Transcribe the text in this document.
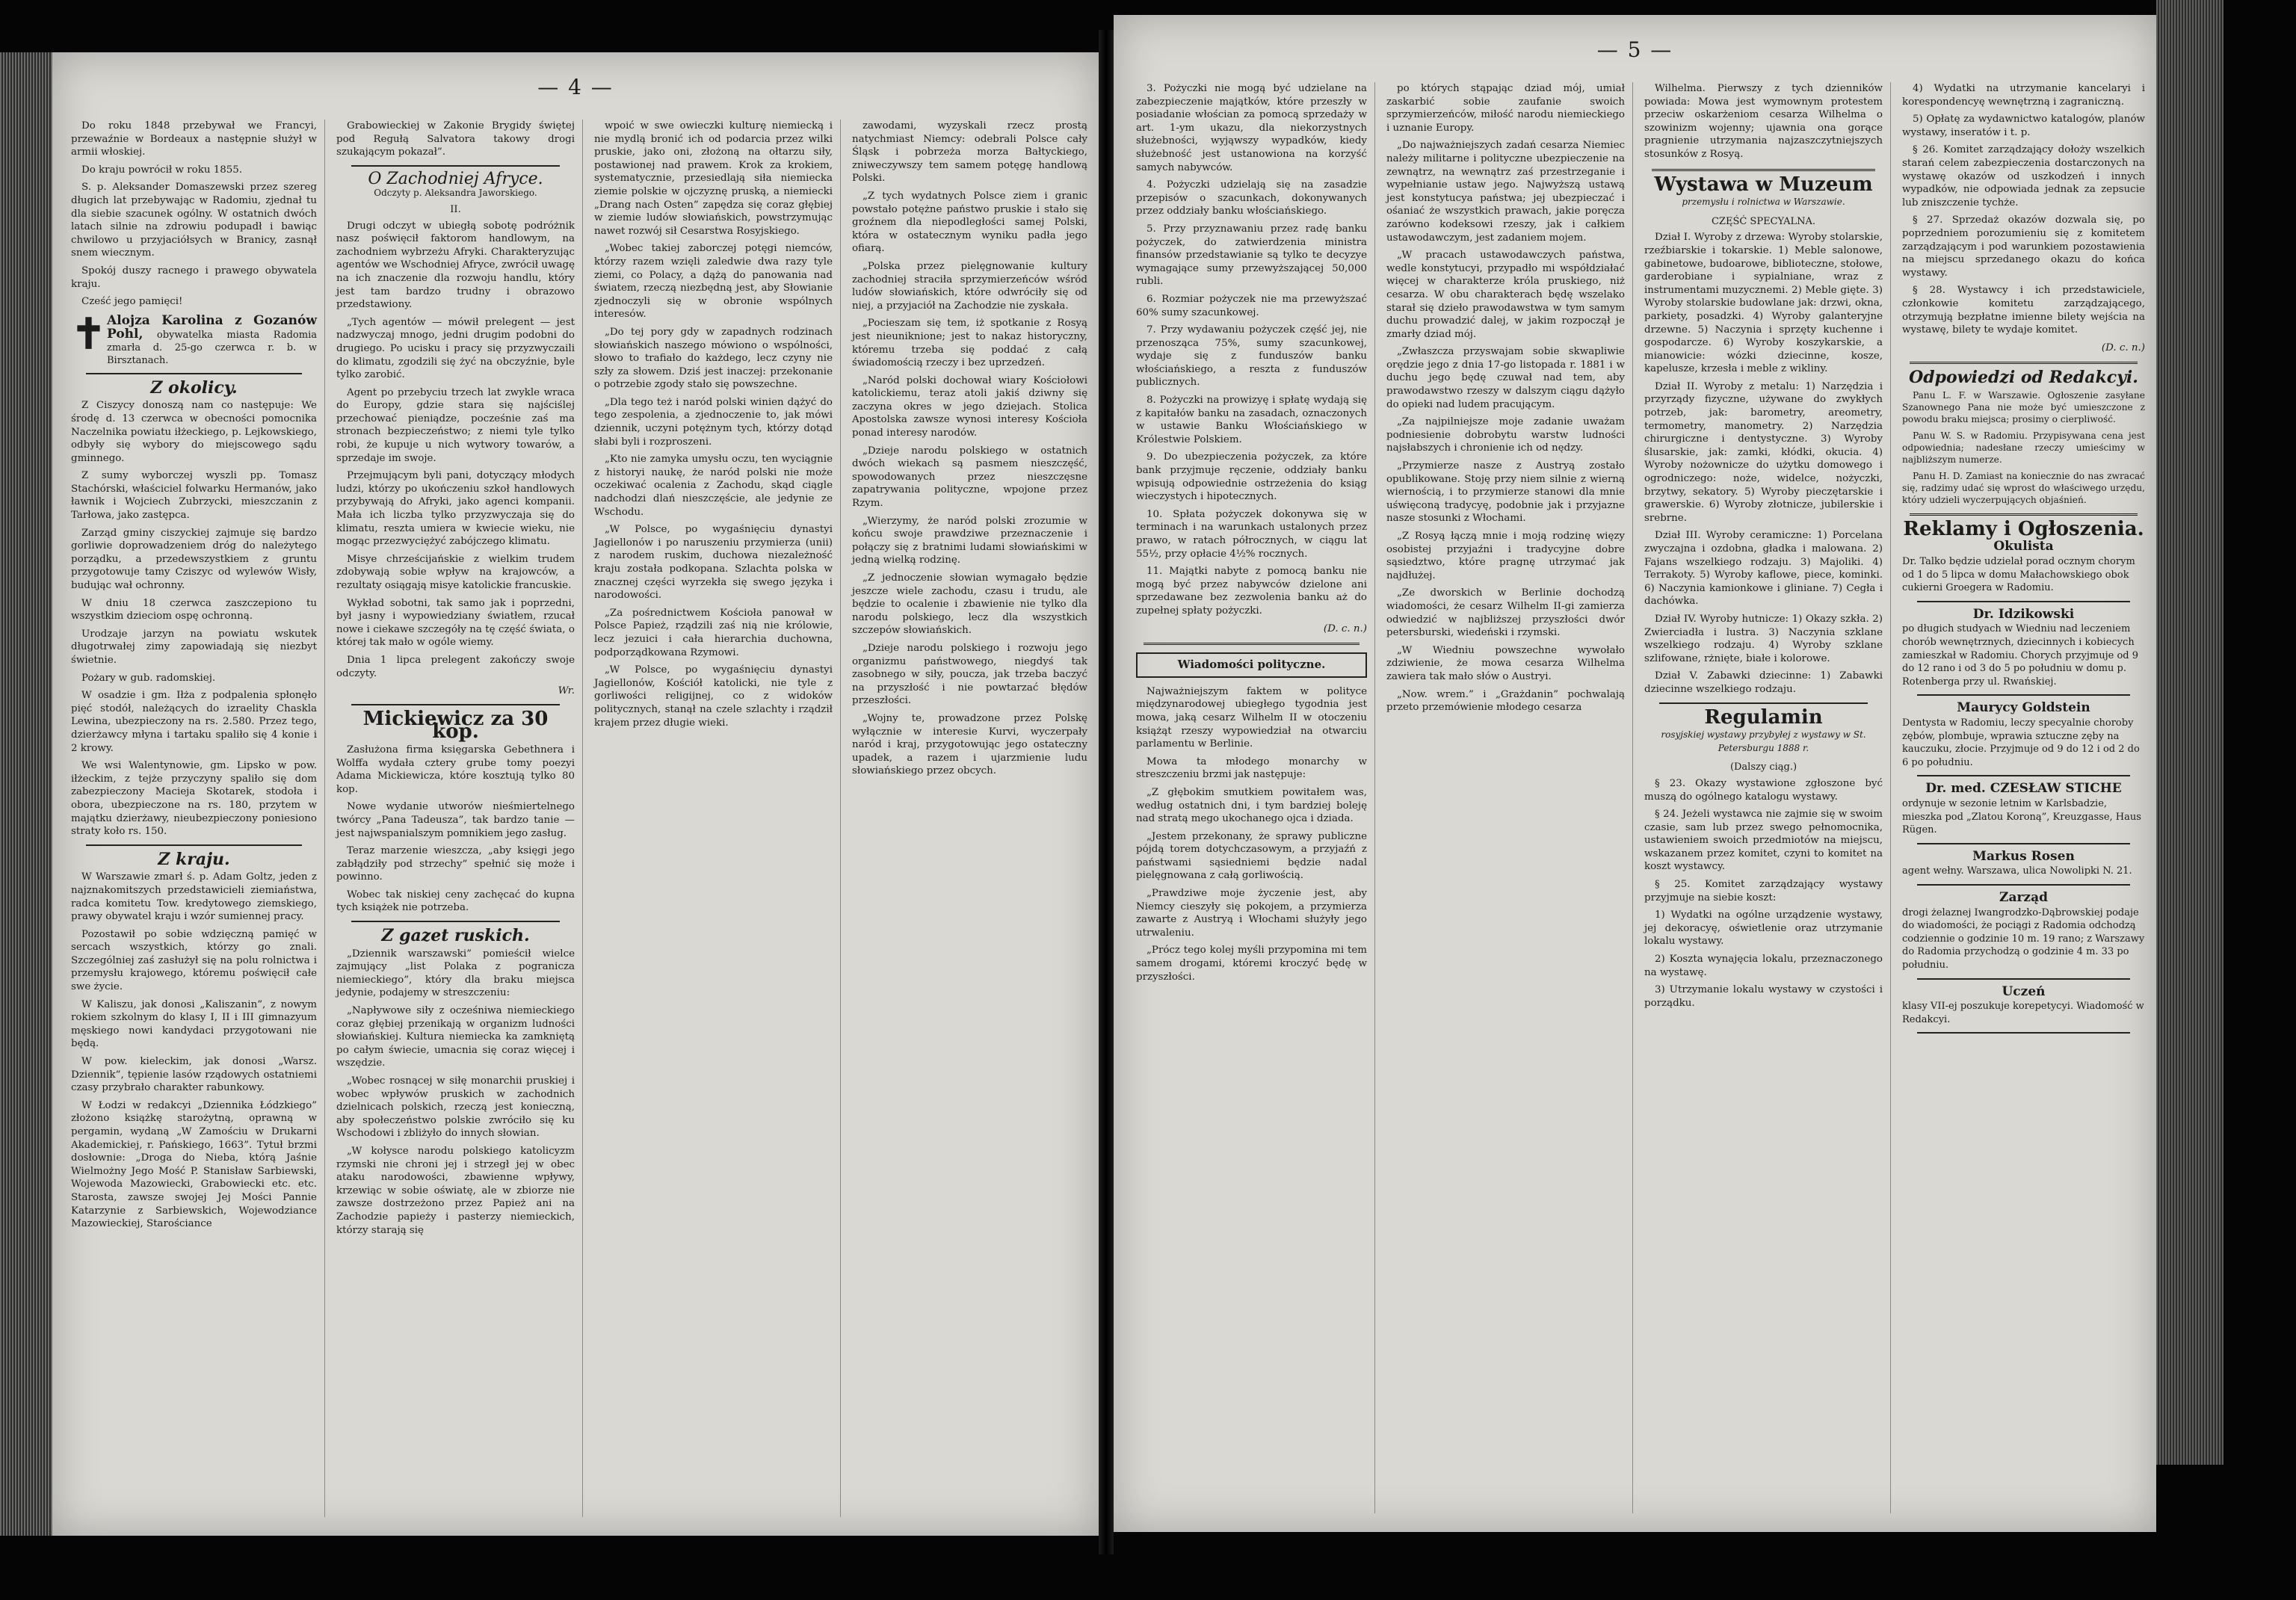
— 4 —

Do roku 1848 przebywał we Francyi, przewaźnie w Bordeaux a następnie służył w armii włoskiej.

Do kraju powrócił w roku 1855.

S. p. Aleksander Domaszewski przez szereg długich lat przebywając w Radomiu, zjednał tu dla siebie szacunek ogólny. W ostatnich dwóch latach silnie na zdrowiu podupadł i bawiąc chwilowo u przyjaciółsych w Branicy, zasnął snem wiecznym.

Spokój duszy racnego i prawego obywatela kraju.

Cześć jego pamięci!

✝ Alojza Karolina z Gozanów Pohl, obywatelka miasta Radomia zmarła d. 25-go czerwca r. b. w Birsztanach.
Z okolicy.

Z Ciszycy donoszą nam co następuje: We środę d. 13 czerwca w obecności pomocnika Naczelnika powiatu iłżeckiego, p. Lejkowskiego, odbyły się wybory do miejscowego sądu gminnego.

Z sumy wyborczej wyszli pp. Tomasz Stachórski, właściciel folwarku Hermanów, jako ławnik i Wojciech Zubrzycki, mieszczanin z Tarłowa, jako zastępca.

Zarząd gminy ciszyckiej zajmuje się bardzo gorliwie doprowadzeniem dróg do należytego porządku, a przedewszystkiem z gruntu przygotowuje tamy Cziszyc od wylewów Wisły, budując wał ochronny.

W dniu 18 czerwca zaszczepiono tu wszystkim dzieciom ospę ochronną.

Urodzaje jarzyn na powiatu wskutek długotrwałej zimy zapowiadają się niezbyt świetnie.

Pożary w gub. radomskiej.

W osadzie i gm. Iłża z podpalenia spłonęło pięć stodół, należących do izraelity Chaskla Lewina, ubezpieczony na rs. 2.580. Przez tego, dzierżawcy młyna i tartaku spaliło się 4 konie i 2 krowy.

We wsi Walentynowie, gm. Lipsko w pow. iłżeckim, z tejże przyczyny spaliło się dom zabezpieczony Macieja Skotarek, stodoła i obora, ubezpieczone na rs. 180, przytem w majątku dzierżawy, nieubezpieczony poniesiono straty koło rs. 150.

Z kraju.

W Warszawie zmarł ś. p. Adam Goltz, jeden z najznakomitszych przedstawicieli ziemiaństwa, radca komitetu Tow. kredytowego ziemskiego, prawy obywatel kraju i wzór sumiennej pracy.

Pozostawił po sobie wdzięczną pamięć w sercach wszystkich, którzy go znali. Szczególniej zaś zasłużył się na polu rolnictwa i przemysłu krajowego, któremu poświęcił całe swe życie.

W Kaliszu, jak donosi „Kaliszanin”, z nowym rokiem szkolnym do klasy I, II i III gimnazyum męskiego nowi kandydaci przygotowani nie będą.

W pow. kieleckim, jak donosi „Warsz. Dziennik”, tępienie lasów rządowych ostatniemi czasy przybrało charakter rabunkowy.

W Łodzi w redakcyi „Dziennika Łódzkiego” złożono książkę starożytną, oprawną w pergamin, wydaną „W Zamościu w Drukarni Akademickiej, r. Pańskiego, 1663”. Tytuł brzmi dosłownie: „Droga do Nieba, którą Jaśnie Wielmożny Jego Mość P. Stanisław Sarbiewski, Wojewoda Mazowiecki, Grabowiecki etc. etc. Starosta, zawsze swojej Jej Mości Pannie Katarzynie z Sarbiewskich, Wojewodziance Mazowieckiej, Starościance

Grabowieckiej w Zakonie Brygidy świętej pod Regułą Salvatora takowy drogi szukającym pokazał”.

O Zachodniej Afryce.
Odczyty p. Aleksandra Jaworskiego.
II.

Drugi odczyt w ubiegłą sobotę podróżnik nasz poświęcił faktorom handlowym, na zachodniem wybrzeżu Afryki. Charakteryzując agentów we Wschodniej Afryce, zwrócił uwagę na ich znaczenie dla rozwoju handlu, który jest tam bardzo trudny i obrazowo przedstawiony.

„Tych agentów — mówił prelegent — jest nadzwyczaj mnogo, jedni drugim podobni do drugiego. Po ucisku i pracy się przyzwyczaili do klimatu, zgodzili się żyć na obczyźnie, byle tylko zarobić.

Agent po przebyciu trzech lat zwykle wraca do Europy, gdzie stara się najściślej przechować pieniądze, pocześnie zaś ma stronach bezpieczeństwo; z niemi tyle tylko robi, że kupuje u nich wytwory towarów, a sprzedaje im swoje.

Przejmującym byli pani, dotyczący młodych ludzi, którzy po ukończeniu szkoł handlowych przybywają do Afryki, jako agenci kompanii. Mała ich liczba tylko przyzwyczaja się do klimatu, reszta umiera w kwiecie wieku, nie mogąc przezwyciężyć zabójczego klimatu.

Misye chrześcijańskie z wielkim trudem zdobywają sobie wpływ na krajowców, a rezultaty osiągają misye katolickie francuskie.

Wykład sobotni, tak samo jak i poprzedni, był jasny i wypowiedziany światłem, rzucał nowe i ciekawe szczegóły na tę część świata, o której tak mało w ogóle wiemy.

Dnia 1 lipca prelegent zakończy swoje odczyty.

Wr.
Mickiewicz za 30 kop.

Zasłużona firma księgarska Gebethnera i Wolffa wydała cztery grube tomy poezyi Adama Mickiewicza, które kosztują tylko 80 kop.

Nowe wydanie utworów nieśmiertelnego twórcy „Pana Tadeusza”, tak bardzo tanie — jest najwspanialszym pomnikiem jego zasług.

Teraz marzenie wieszcza, „aby księgi jego zabłądziły pod strzechy” spełnić się może i powinno.

Wobec tak niskiej ceny zachęcać do kupna tych książek nie potrzeba.

Z gazet ruskich.

„Dziennik warszawski” pomieścił wielce zajmujący „list Polaka z pogranicza niemieckiego”, który dla braku miejsca jedynie, podajemy w streszczeniu:

„Napływowe siły z ocześniwa niemieckiego coraz głębiej przenikają w organizm ludności słowiańskiej. Kultura niemiecka ka zamkniętą po całym świecie, umacnia się coraz więcej i wszędzie.

„Wobec rosnącej w siłę monarchii pruskiej i wobec wpływów pruskich w zachodnich dzielnicach polskich, rzeczą jest konieczną, aby społeczeństwo polskie zwróciło się ku Wschodowi i zbliżyło do innych słowian.

„W kołysce narodu polskiego katolicyzm rzymski nie chroni jej i strzegł jej w obec ataku narodowości, zbawienne wpływy, krzewiąc w sobie oświatę, ale w zbiorze nie zawsze dostrzeżono przez Papież ani na Zachodzie papieży i pasterzy niemieckich, którzy starają się

wpoić w swe owieczki kulturę niemiecką i nie mydlą bronić ich od podarcia przez wilki pruskie, jako oni, złożoną na ołtarzu siły, postawionej nad prawem. Krok za krokiem, systematycznie, przesiedlają siła niemiecka ziemie polskie w ojczyznę pruską, a niemiecki „Drang nach Osten” zapędza się coraz głębiej w ziemie ludów słowiańskich, powstrzymując nawet rozwój sił Cesarstwa Rosyjskiego.

„Wobec takiej zaborczej potęgi niemców, którzy razem wzięli zaledwie dwa razy tyle ziemi, co Polacy, a dążą do panowania nad światem, rzeczą niezbędną jest, aby Słowianie zjednoczyli się w obronie wspólnych interesów.

„Do tej pory gdy w zapadnych rodzinach słowiańskich naszego mówiono o wspólności, słowo to trafiało do każdego, lecz czyny nie szły za słowem. Dziś jest inaczej: przekonanie o potrzebie zgody stało się powszechne.

„Dla tego też i naród polski winien dążyć do tego zespolenia, a zjednoczenie to, jak mówi dziennik, uczyni potężnym tych, którzy dotąd słabi byli i rozproszeni.

„Kto nie zamyka umysłu oczu, ten wyciągnie z historyi naukę, że naród polski nie może oczekiwać ocalenia z Zachodu, skąd ciągle nadchodzi dlań nieszczęście, ale jedynie ze Wschodu.

„W Polsce, po wygaśnięciu dynastyi Jagiellonów i po naruszeniu przymierza (unii) z narodem ruskim, duchowa niezależność kraju została podkopana. Szlachta polska w znacznej części wyrzekła się swego języka i narodowości.

„Za pośrednictwem Kościoła panował w Polsce Papież, rządzili zaś nią nie królowie, lecz jezuici i cała hierarchia duchowna, podporządkowana Rzymowi.

„W Polsce, po wygaśnięciu dynastyi Jagiellonów, Kościół katolicki, nie tyle z gorliwości religijnej, co z widoków politycznych, stanął na czele szlachty i rządził krajem przez długie wieki.

zawodami, wyzyskali rzecz prostą natychmiast Niemcy: odebrali Polsce cały Śląsk i pobrzeża morza Bałtyckiego, zniweczywszy tem samem potęgę handlową Polski.

„Z tych wydatnych Polsce ziem i granic powstało potężne państwo pruskie i stało się groźnem dla niepodległości samej Polski, która w ostatecznym wyniku padła jego ofiarą.

„Polska przez pielęgnowanie kultury zachodniej straciła sprzymierzeńców wśród ludów słowiańskich, które odwróciły się od niej, a przyjaciół na Zachodzie nie zyskała.

„Pocieszam się tem, iż spotkanie z Rosyą jest nieuniknione; jest to nakaz historyczny, któremu trzeba się poddać z całą świadomością rzeczy i bez uprzedzeń.

„Naród polski dochował wiary Kościołowi katolickiemu, teraz atoli jakiś dziwny się zaczyna okres w jego dziejach. Stolica Apostolska zawsze wynosi interesy Kościoła ponad interesy narodów.

„Dzieje narodu polskiego w ostatnich dwóch wiekach są pasmem nieszczęść, spowodowanych przez nieszczęsne zapatrywania polityczne, wpojone przez Rzym.

„Wierzymy, że naród polski zrozumie w końcu swoje prawdziwe przeznaczenie i połączy się z bratnimi ludami słowiańskimi w jedną wielką rodzinę.

„Z jednoczenie słowian wymagało będzie jeszcze wiele zachodu, czasu i trudu, ale będzie to ocalenie i zbawienie nie tylko dla narodu polskiego, lecz dla wszystkich szczepów słowiańskich.

„Dzieje narodu polskiego i rozwoju jego organizmu państwowego, niegdyś tak zasobnego w siły, poucza, jak trzeba baczyć na przyszłość i nie powtarzać błędów przeszłości.

„Wojny te, prowadzone przez Polskę wyłącznie w interesie Kurvi, wyczerpały naród i kraj, przygotowując jego ostateczny upadek, a razem i ujarzmienie ludu słowiańskiego przez obcych.

— 5 —

3. Pożyczki nie mogą być udzielane na zabezpieczenie majątków, które przeszły w posiadanie włościan za pomocą sprzedaży w art. 1-ym ukazu, dla niekorzystnych służebności, wyjąwszy wypadków, kiedy służebność jest ustanowiona na korzyść samych nabywców.

4. Pożyczki udzielają się na zasadzie przepisów o szacunkach, dokonywanych przez oddziały banku włościańskiego.

5. Przy przyznawaniu przez radę banku pożyczek, do zatwierdzenia ministra finansów przedstawianie są tylko te decyzye wymagające sumy przewyższającej 50,000 rubli.

6. Rozmiar pożyczek nie ma przewyższać 60% sumy szacunkowej.

7. Przy wydawaniu pożyczek część jej, nie przenosząca 75%, sumy szacunkowej, wydaje się z funduszów banku włościańskiego, a reszta z funduszów publicznych.

8. Pożyczki na prowizyę i spłatę wydają się z kapitałów banku na zasadach, oznaczonych w ustawie Banku Włościańskiego w Królestwie Polskiem.

9. Do ubezpieczenia pożyczek, za które bank przyjmuje ręczenie, oddziały banku wpisują odpowiednie ostrzeżenia do ksiąg wieczystych i hipotecznych.

10. Spłata pożyczek dokonywa się w terminach i na warunkach ustalonych przez prawo, w ratach półrocznych, w ciągu lat 55½, przy opłacie 4½% rocznych.

11. Majątki nabyte z pomocą banku nie mogą być przez nabywców dzielone ani sprzedawane bez zezwolenia banku aż do zupełnej spłaty pożyczki.

(D. c. n.)
Wiadomości polityczne.

Najważniejszym faktem w polityce międzynarodowej ubiegłego tygodnia jest mowa, jaką cesarz Wilhelm II w otoczeniu książąt rzeszy wypowiedział na otwarciu parlamentu w Berlinie.

Mowa ta młodego monarchy w streszczeniu brzmi jak następuje:

„Z głębokim smutkiem powitałem was, według ostatnich dni, i tym bardziej boleję nad stratą mego ukochanego ojca i dziada.

„Jestem przekonany, że sprawy publiczne pójdą torem dotychczasowym, a przyjaźń z państwami sąsiedniemi będzie nadal pielęgnowana z całą gorliwością.

„Prawdziwe moje życzenie jest, aby Niemcy cieszyły się pokojem, a przymierza zawarte z Austryą i Włochami służyły jego utrwaleniu.

„Prócz tego kolej myśli przypomina mi tem samem drogami, któremi kroczyć będę w przyszłości.

po których stąpając dziad mój, umiał zaskarbić sobie zaufanie swoich sprzymierzeńców, miłość narodu niemieckiego i uznanie Europy.

„Do najważniejszych zadań cesarza Niemiec należy militarne i polityczne ubezpieczenie na zewnątrz, na wewnątrz zaś przestrzeganie i wypełnianie ustaw jego. Najwyższą ustawą jest konstytucya państwa; jej ubezpieczać i ośaniać że wszystkich prawach, jakie poręcza zarówno kodeksowi rzeszy, jak i całkiem ustawodawczym, jest zadaniem mojem.

„W pracach ustawodawczych państwa, wedle konstytucyi, przypadło mi współdziałać więcej w charakterze króla pruskiego, niż cesarza. W obu charakterach będę wszelako starał się dzieło prawodawstwa w tym samym duchu prowadzić dalej, w jakim rozpoczął je zmarły dziad mój.

„Zwłaszcza przyswajam sobie skwapliwie orędzie jego z dnia 17-go listopada r. 1881 i w duchu jego będę czuwał nad tem, aby prawodawstwo rzeszy w dalszym ciągu dążyło do opieki nad ludem pracującym.

„Za najpilniejsze moje zadanie uważam podniesienie dobrobytu warstw ludności najsłabszych i chronienie ich od nędzy.

„Przymierze nasze z Austryą zostało opublikowane. Stoję przy niem silnie z wierną wiernością, i to przymierze stanowi dla mnie uświęconą tradycyę, podobnie jak i przyjazne nasze stosunki z Włochami.

„Z Rosyą łączą mnie i moją rodzinę więzy osobistej przyjaźni i tradycyjne dobre sąsiedztwo, które pragnę utrzymać jak najdłużej.

„Ze dworskich w Berlinie dochodzą wiadomości, że cesarz Wilhelm II-gi zamierza odwiedzić w najbliższej przyszłości dwór petersburski, wiedeński i rzymski.

„W Wiedniu powszechne wywołało zdziwienie, że mowa cesarza Wilhelma zawiera tak mało słów o Austryi.

„Now. wrem.” i „Grażdanin” pochwalają przeto przemówienie młodego cesarza

Wilhelma. Pierwszy z tych dzienników powiada: Mowa jest wymownym protestem przeciw oskarżeniom cesarza Wilhelma o szowinizm wojenny; ujawnia ona gorące pragnienie utrzymania najzaszczytniejszych stosunków z Rosyą.

Wystawa w Muzeum
przemysłu i rolnictwa w Warszawie.
CZĘŚĆ SPECYALNA.

Dział I. Wyroby z drzewa: Wyroby stolarskie, rzeźbiarskie i tokarskie. 1) Meble salonowe, gabinetowe, budoarowe, biblioteczne, stołowe, garderobiane i sypialniane, wraz z instrumentami muzycznemi. 2) Meble gięte. 3) Wyroby stolarskie budowlane jak: drzwi, okna, parkiety, posadzki. 4) Wyroby galanteryjne drzewne. 5) Naczynia i sprzęty kuchenne i gospodarcze. 6) Wyroby koszykarskie, a mianowicie: wózki dziecinne, kosze, kapelusze, krzesła i meble z wikliny.

Dział II. Wyroby z metalu: 1) Narzędzia i przyrządy fizyczne, używane do zwykłych potrzeb, jak: barometry, areometry, termometry, manometry. 2) Narzędzia chirurgiczne i dentystyczne. 3) Wyroby ślusarskie, jak: zamki, kłódki, okucia. 4) Wyroby nożownicze do użytku domowego i ogrodniczego: noże, widelce, nożyczki, brzytwy, sekatory. 5) Wyroby pieczętarskie i grawerskie. 6) Wyroby złotnicze, jubilerskie i srebrne.

Dział III. Wyroby ceramiczne: 1) Porcelana zwyczajna i ozdobna, gładka i malowana. 2) Fajans wszelkiego rodzaju. 3) Majoliki. 4) Terrakoty. 5) Wyroby kaflowe, piece, kominki. 6) Naczynia kamionkowe i gliniane. 7) Cegła i dachówka.

Dział IV. Wyroby hutnicze: 1) Okazy szkła. 2) Zwierciadła i lustra. 3) Naczynia szklane wszelkiego rodzaju. 4) Wyroby szklane szlifowane, rżnięte, białe i kolorowe.

Dział V. Zabawki dziecinne: 1) Zabawki dziecinne wszelkiego rodzaju.

Regulamin
rosyjskiej wystawy przybyłej z wystawy w St. Petersburgu 1888 r.
(Dalszy ciąg.)

§ 23. Okazy wystawione zgłoszone być muszą do ogólnego katalogu wystawy.

§ 24. Jeżeli wystawca nie zajmie się w swoim czasie, sam lub przez swego pełnomocnika, ustawieniem swoich przedmiotów na miejscu, wskazanem przez komitet, czyni to komitet na koszt wystawcy.

§ 25. Komitet zarządzający wystawy przyjmuje na siebie koszt:

1) Wydatki na ogólne urządzenie wystawy, jej dekoracyę, oświetlenie oraz utrzymanie lokalu wystawy.

2) Koszta wynajęcia lokalu, przeznaczonego na wystawę.

3) Utrzymanie lokalu wystawy w czystości i porządku.

4) Wydatki na utrzymanie kancelaryi i korespondencyę wewnętrzną i zagraniczną.

5) Opłatę za wydawnictwo katalogów, planów wystawy, inseratów i t. p.

§ 26. Komitet zarządzający dołoży wszelkich starań celem zabezpieczenia dostarczonych na wystawę okazów od uszkodzeń i innych wypadków, nie odpowiada jednak za zepsucie lub zniszczenie tychże.

§ 27. Sprzedaż okazów dozwala się, po poprzedniem porozumieniu się z komitetem zarządzającym i pod warunkiem pozostawienia na miejscu sprzedanego okazu do końca wystawy.

§ 28. Wystawcy i ich przedstawiciele, członkowie komitetu zarządzającego, otrzymują bezpłatne imienne bilety wejścia na wystawę, bilety te wydaje komitet.

(D. c. n.)
Odpowiedzi od Redakcyi.

Panu L. F. w Warszawie. Ogłoszenie zasyłane Szanownego Pana nie może być umieszczone z powodu braku miejsca; prosimy o cierpliwość.

Panu W. S. w Radomiu. Przypisywana cena jest odpowiednia; nadesłane rzeczy umieścimy w najbliższym numerze.

Panu H. D. Zamiast na koniecznie do nas zwracać się, radzimy udać się wprost do właściwego urzędu, który udzieli wyczerpujących objaśnień.

Reklamy i Ogłoszenia.
Okulista
Dr. Talko będzie udzielał porad ocznym chorym od 1 do 5 lipca w domu Małachowskiego obok cukierni Groegera w Radomiu.
Dr. Idzikowski
po długich studyach w Wiedniu nad leczeniem chorób wewnętrznych, dziecinnych i kobiecych zamieszkał w Radomiu. Chorych przyjmuje od 9 do 12 rano i od 3 do 5 po południu w domu p. Rotenberga przy ul. Rwańskiej.
Maurycy Goldstein
Dentysta w Radomiu, leczy specyalnie choroby zębów, plombuje, wprawia sztuczne zęby na kauczuku, złocie. Przyjmuje od 9 do 12 i od 2 do 6 po południu.
Dr. med. CZESŁAW STICHE
ordynuje w sezonie letnim w Karlsbadzie, mieszka pod „Zlatou Koroną”, Kreuzgasse, Haus Rügen.
Markus Rosen
agent wełny. Warszawa, ulica Nowolipki N. 21.
Zarząd
drogi żelaznej Iwangrodzko-Dąbrowskiej podaje do wiadomości, że pociągi z Radomia odchodzą codziennie o godzinie 10 m. 19 rano; z Warszawy do Radomia przychodzą o godzinie 4 m. 33 po południu.
Uczeń
klasy VII-ej poszukuje korepetycyi. Wiadomość w Redakcyi.
